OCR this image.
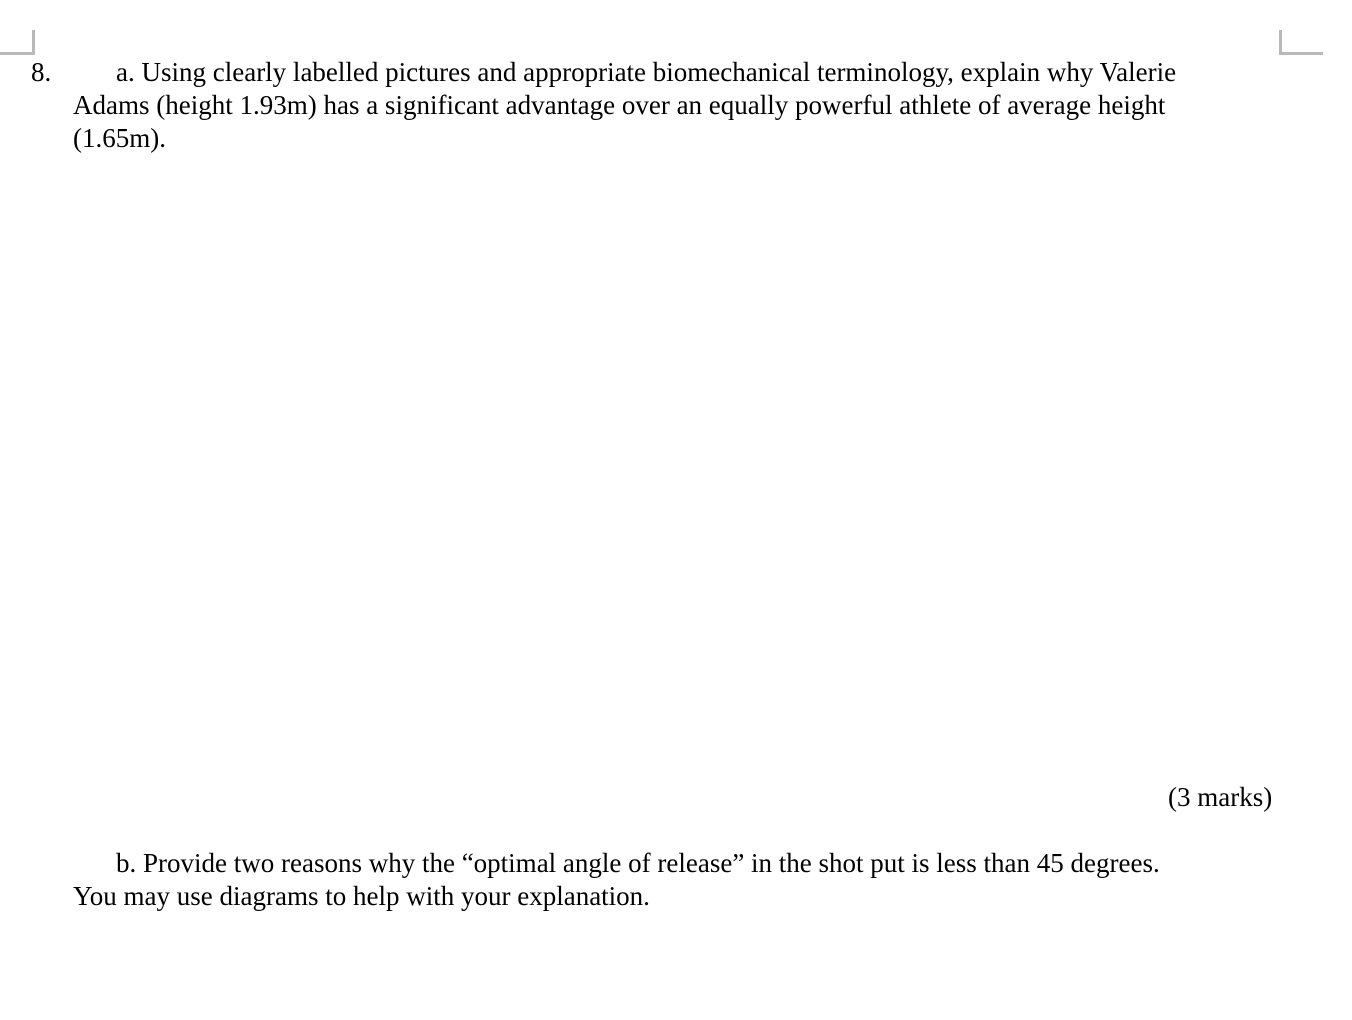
8. a. Using clearly labelled pictures and appropriate biomechanical terminology, explain why Valerie
Adams (height 1.93m) has a significant advantage over an equally powerful athlete of average height
(1.65m).
(3 marks)
b. Provide two reasons why the “optimal angle of release” in the shot put is less than 45 degrees.
You may use diagrams to help with your explanation.
